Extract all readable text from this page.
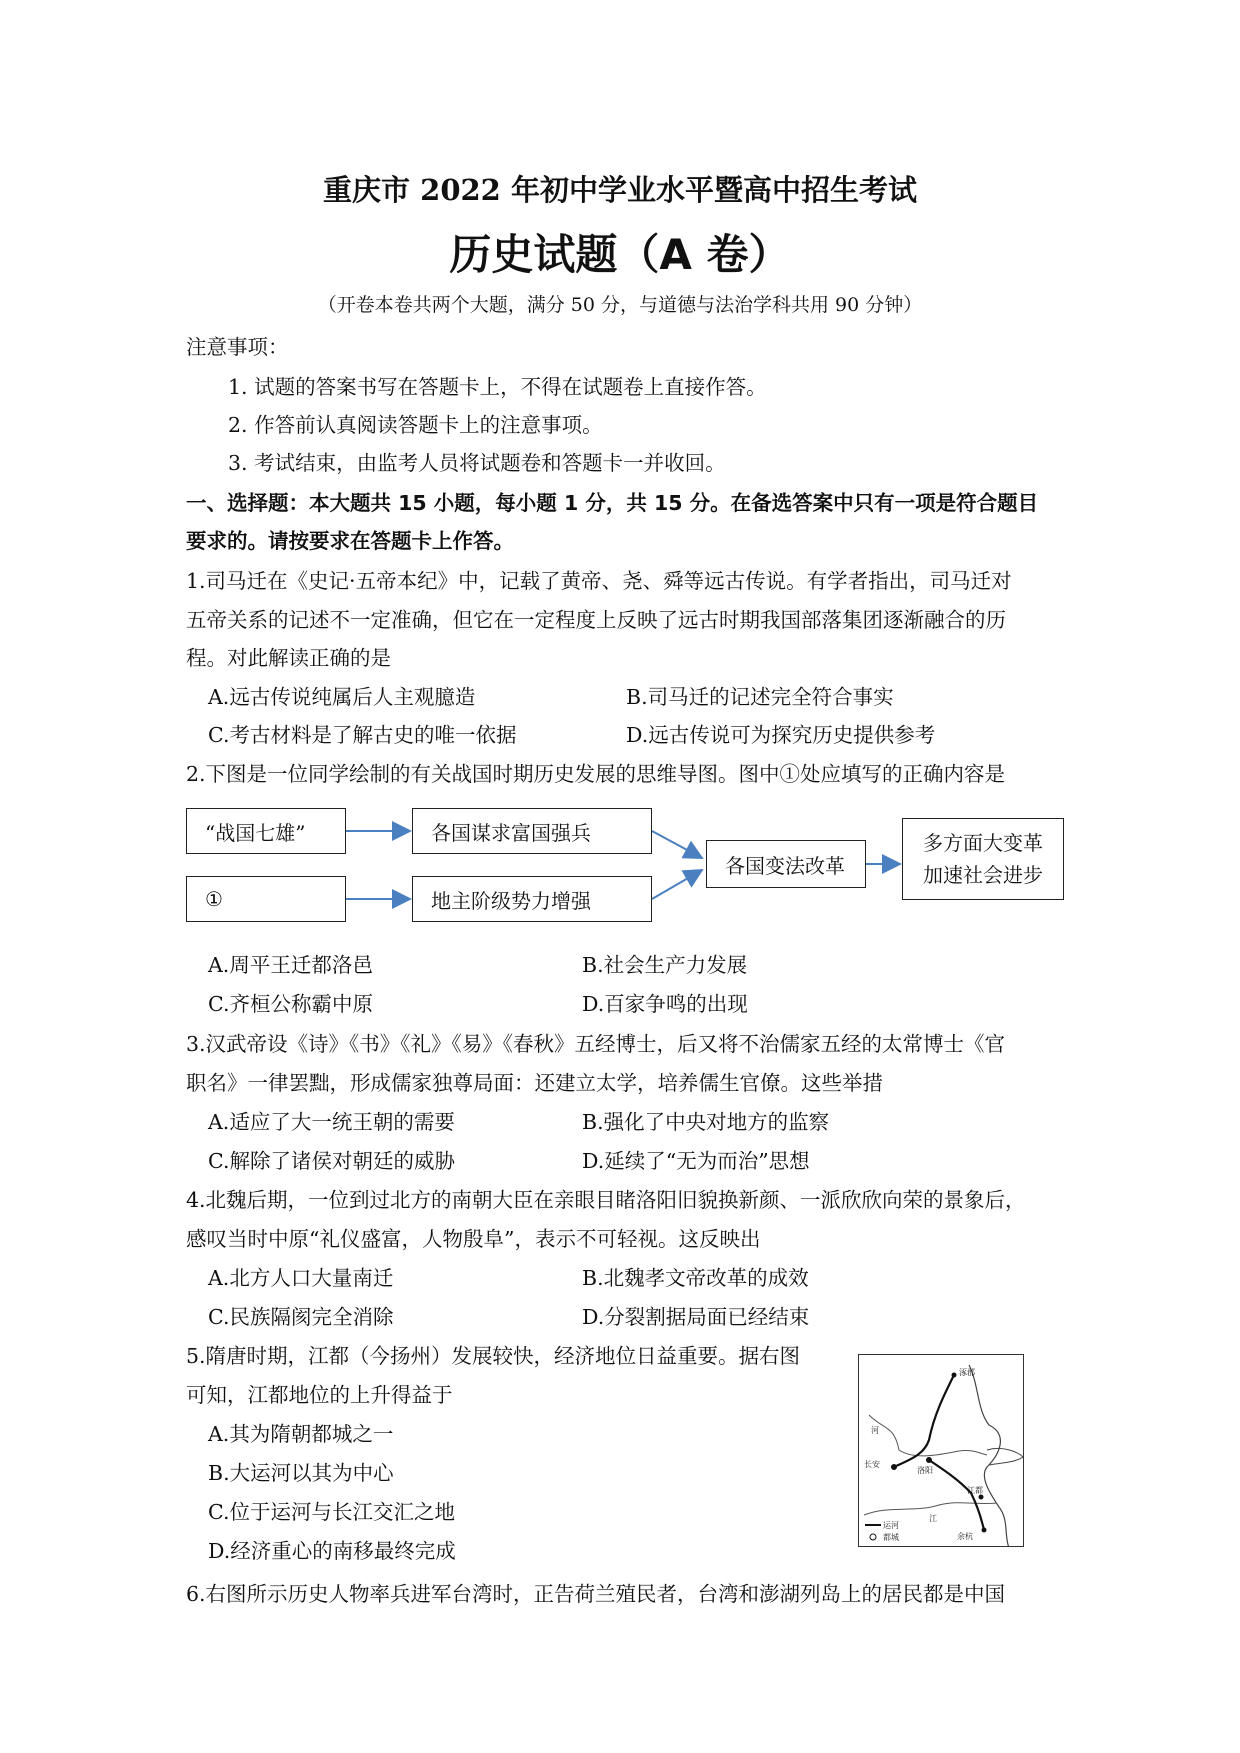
重庆市 2022 年初中学业水平暨高中招生考试
历史试题（A 卷）
（开卷本卷共两个大题，满分 50 分，与道德与法治学科共用 90 分钟）
注意事项：
1. 试题的答案书写在答题卡上，不得在试题卷上直接作答。
2. 作答前认真阅读答题卡上的注意事项。
3. 考试结束，由监考人员将试题卷和答题卡一并收回。
一、选择题：本大题共 15 小题，每小题 1 分，共 15 分。在备选答案中只有一项是符合题目
要求的。请按要求在答题卡上作答。
1.司马迁在《史记·五帝本纪》中，记载了黄帝、尧、舜等远古传说。有学者指出，司马迁对
五帝关系的记述不一定准确，但它在一定程度上反映了远古时期我国部落集团逐渐融合的历
程。对此解读正确的是
A.远古传说纯属后人主观臆造	B.司马迁的记述完全符合事实
C.考古材料是了解古史的唯一依据	D.远古传说可为探究历史提供参考
2.下图是一位同学绘制的有关战国时期历史发展的思维导图。图中①处应填写的正确内容是
“战国七雄”	各国谋求富国强兵
①	地主阶级势力增强
各国变法改革
多方面大变革
加速社会进步
A.周平王迁都洛邑	B.社会生产力发展
C.齐桓公称霸中原	D.百家争鸣的出现
3.汉武帝设《诗》《书》《礼》《易》《春秋》五经博士，后又将不治儒家五经的太常博士《官
职名》一律罢黜，形成儒家独尊局面：还建立太学，培养儒生官僚。这些举措
A.适应了大一统王朝的需要	B.强化了中央对地方的监察
C.解除了诸侯对朝廷的威胁	D.延续了“无为而治”思想
4.北魏后期，一位到过北方的南朝大臣在亲眼目睹洛阳旧貌换新颜、一派欣欣向荣的景象后，
感叹当时中原“礼仪盛富，人物殷阜”，表示不可轻视。这反映出
A.北方人口大量南迁	B.北魏孝文帝改革的成效
C.民族隔阂完全消除	D.分裂割据局面已经结束
5.隋唐时期，江都（今扬州）发展较快，经济地位日益重要。据右图
可知，江都地位的上升得益于
A.其为隋朝都城之一
B.大运河以其为中心
C.位于运河与长江交汇之地
D.经济重心的南移最终完成
涿郡
长安
洛阳
江都
余杭
河
江
运河
都城
6.右图所示历史人物率兵进军台湾时，正告荷兰殖民者，台湾和澎湖列岛上的居民都是中国
